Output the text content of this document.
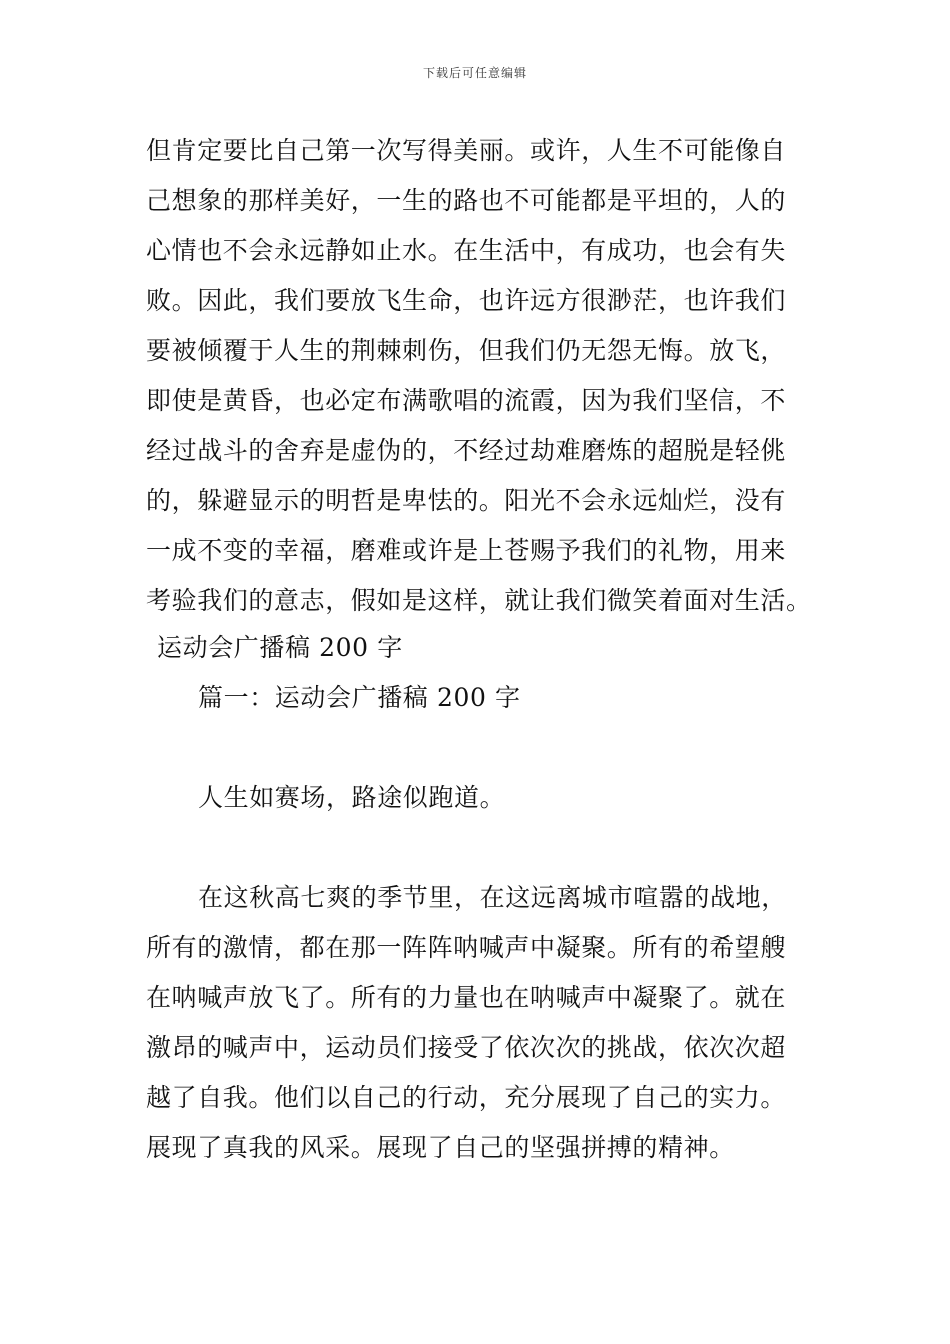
下载后可任意编辑
但肯定要比自己第一次写得美丽。或许，人生不可能像自
己想象的那样美好，一生的路也不可能都是平坦的，人的
心情也不会永远静如止水。在生活中，有成功，也会有失
败。因此，我们要放飞生命，也许远方很渺茫，也许我们
要被倾覆于人生的荆棘刺伤，但我们仍无怨无悔。放飞，
即使是黄昏，也必定布满歌唱的流霞，因为我们坚信，不
经过战斗的舍弃是虚伪的，不经过劫难磨炼的超脱是轻佻
的，躲避显示的明哲是卑怯的。阳光不会永远灿烂，没有
一成不变的幸福，磨难或许是上苍赐予我们的礼物，用来
考验我们的意志，假如是这样，就让我们微笑着面对生活。
运动会广播稿 200 字
篇一：运动会广播稿 200 字
人生如赛场，路途似跑道。
在这秋高七爽的季节里，在这远离城市喧嚣的战地，
所有的激情，都在那一阵阵呐喊声中凝聚。所有的希望艘
在呐喊声放飞了。所有的力量也在呐喊声中凝聚了。就在
激昂的喊声中，运动员们接受了依次次的挑战，依次次超
越了自我。他们以自己的行动，充分展现了自己的实力。
展现了真我的风采。展现了自己的坚强拼搏的精神。
